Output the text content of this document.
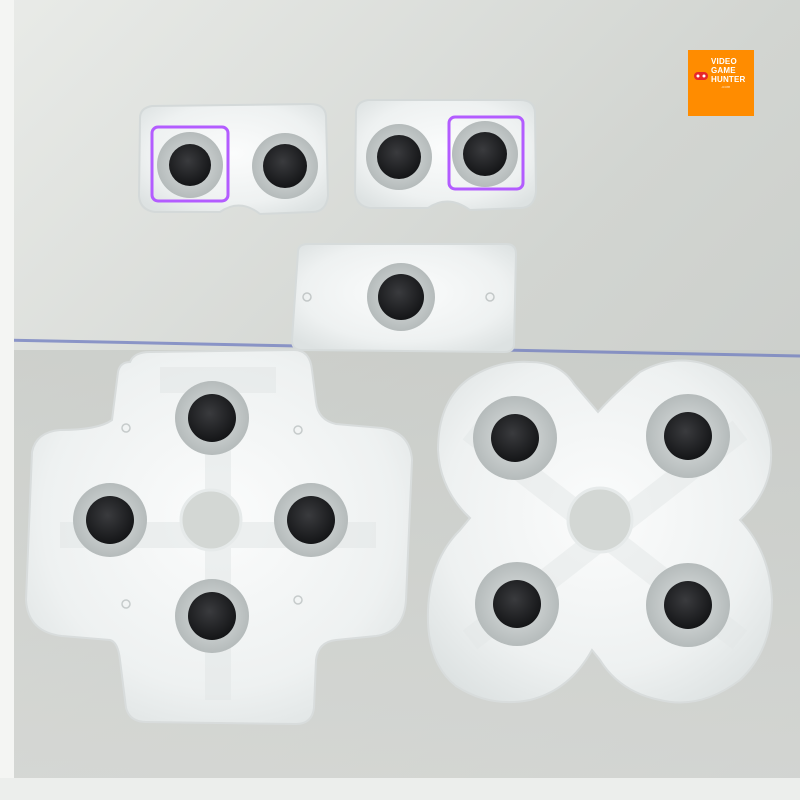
VIDEO
GAME
HUNTER
.com
